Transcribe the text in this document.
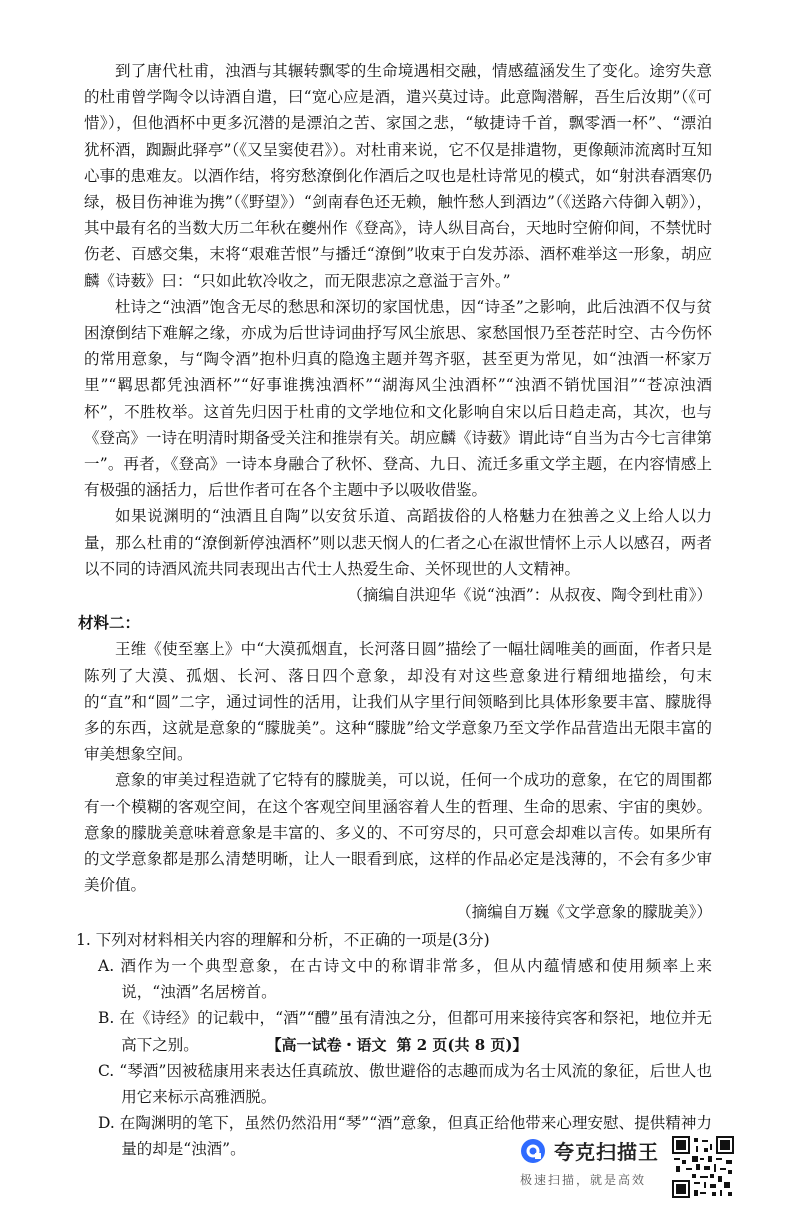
到了唐代杜甫，浊酒与其辗转飘零的生命境遇相交融，情感蕴涵发生了变化。途穷失意的杜甫曾学陶令以诗酒自遣，曰“宽心应是酒，遣兴莫过诗。此意陶潜解，吾生后汝期”（《可惜》），但他酒杯中更多沉潜的是漂泊之苦、家国之悲，“敏捷诗千首，飘零酒一杯”、“漂泊犹杯酒，踟蹰此驿亭”（《又呈窦使君》）。对杜甫来说，它不仅是排遣物，更像颠沛流离时互知心事的患难友。以酒作结，将穷愁潦倒化作酒后之叹也是杜诗常见的模式，如“射洪春酒寒仍绿，极目伤神谁为携”（《野望》）“剑南春色还无赖，触忤愁人到酒边”（《送路六侍御入朝》），其中最有名的当数大历二年秋在夔州作《登高》，诗人纵目高台，天地时空俯仰间，不禁忧时伤老、百感交集，末将“艰难苦恨”与播迁“潦倒”收束于白发苏添、酒杯难举这一形象，胡应麟《诗薮》曰：“只如此软冷收之，而无限悲凉之意溢于言外。”

杜诗之“浊酒”饱含无尽的愁思和深切的家国忧患，因“诗圣”之影响，此后浊酒不仅与贫困潦倒结下难解之缘，亦成为后世诗词曲抒写风尘旅思、家愁国恨乃至苍茫时空、古今伤怀的常用意象，与“陶令酒”抱朴归真的隐逸主题并驾齐驱，甚至更为常见，如“浊酒一杯家万里”“羁思都凭浊酒杯”“好事谁携浊酒杯”“湖海风尘浊酒杯”“浊酒不销忧国泪”“苍凉浊酒杯”，不胜枚举。这首先归因于杜甫的文学地位和文化影响自宋以后日趋走高，其次，也与《登高》一诗在明清时期备受关注和推崇有关。胡应麟《诗薮》谓此诗“自当为古今七言律第一”。再者，《登高》一诗本身融合了秋怀、登高、九日、流迁多重文学主题，在内容情感上有极强的涵括力，后世作者可在各个主题中予以吸收借鉴。

如果说渊明的“浊酒且自陶”以安贫乐道、高蹈拔俗的人格魅力在独善之义上给人以力量，那么杜甫的“潦倒新停浊酒杯”则以悲天悯人的仁者之心在淑世情怀上示人以感召，两者以不同的诗酒风流共同表现出古代士人热爱生命、关怀现世的人文精神。

（摘编自洪迎华《说“浊酒”：从叔夜、陶令到杜甫》）

材料二：

王维《使至塞上》中“大漠孤烟直，长河落日圆”描绘了一幅壮阔唯美的画面，作者只是陈列了大漠、孤烟、长河、落日四个意象，却没有对这些意象进行精细地描绘，句末的“直”和“圆”二字，通过词性的活用，让我们从字里行间领略到比具体形象要丰富、朦胧得多的东西，这就是意象的“朦胧美”。这种“朦胧”给文学意象乃至文学作品营造出无限丰富的审美想象空间。

意象的审美过程造就了它特有的朦胧美，可以说，任何一个成功的意象，在它的周围都有一个模糊的客观空间，在这个客观空间里涵容着人生的哲理、生命的思索、宇宙的奥妙。意象的朦胧美意味着意象是丰富的、多义的、不可穷尽的，只可意会却难以言传。如果所有的文学意象都是那么清楚明晰，让人一眼看到底，这样的作品必定是浅薄的，不会有多少审美价值。

（摘编自万巍《文学意象的朦胧美》）

1. 下列对材料相关内容的理解和分析，不正确的一项是(3分)

A. 酒作为一个典型意象，在古诗文中的称谓非常多，但从内蕴情感和使用频率上来说，“浊酒”名居榜首。

B. 在《诗经》的记载中，“酒”“醴”虽有清浊之分，但都可用来接待宾客和祭祀，地位并无高下之别。

C. “琴酒”因被嵇康用来表达任真疏放、傲世避俗的志趣而成为名士风流的象征，后世人也用它来标示高雅洒脱。

D. 在陶渊明的笔下，虽然仍然沿用“琴”“酒”意象，但真正给他带来心理安慰、提供精神力量的却是“浊酒”。

【高一试卷・语文 第 2 页(共 8 页)】
夸克扫描王
极速扫描，就是高效
